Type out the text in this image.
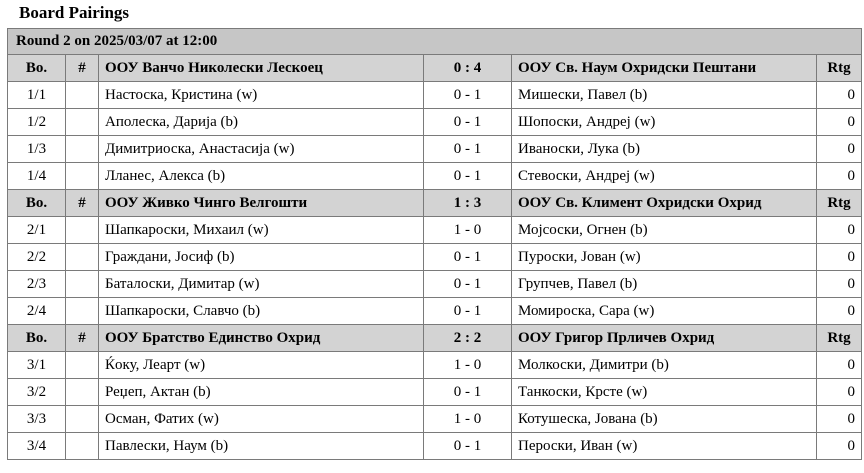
Board Pairings
Round 2 on 2025/03/07 at 12:00					
Bo.	#	ООУ Ванчо Николески Лескоец	0 : 4	ООУ Св. Наум Охридски Пештани	Rtg
1/1		Настоска, Кристина (w)	0 - 1	Мишески, Павел (b)	0
1/2		Аполеска, Дарија (b)	0 - 1	Шопоски, Андреј (w)	0
1/3		Димитриоска, Анастасија (w)	0 - 1	Иваноски, Лука (b)	0
1/4		Лланес, Алекса (b)	0 - 1	Стевоски, Андреј (w)	0
Bo.	#	ООУ Живко Чинго Велгошти	1 : 3	ООУ Св. Климент Охридски Охрид	Rtg
2/1		Шапкароски, Михаил (w)	1 - 0	Мојсоски, Огнен (b)	0
2/2		Граждани, Јосиф (b)	0 - 1	Пуроски, Јован (w)	0
2/3		Баталоски, Димитар (w)	0 - 1	Групчев, Павел (b)	0
2/4		Шапкароски, Славчо (b)	0 - 1	Момироска, Сара (w)	0
Bo.	#	ООУ Братство Единство Охрид	2 : 2	ООУ Григор Прличев Охрид	Rtg
3/1		Ќоку, Леарт (w)	1 - 0	Молкоски, Димитри (b)	0
3/2		Реџеп, Актан (b)	0 - 1	Танкоски, Крсте (w)	0
3/3		Осман, Фатих (w)	1 - 0	Котушеска, Јована (b)	0
3/4		Павлески, Наум (b)	0 - 1	Пероски, Иван (w)	0
